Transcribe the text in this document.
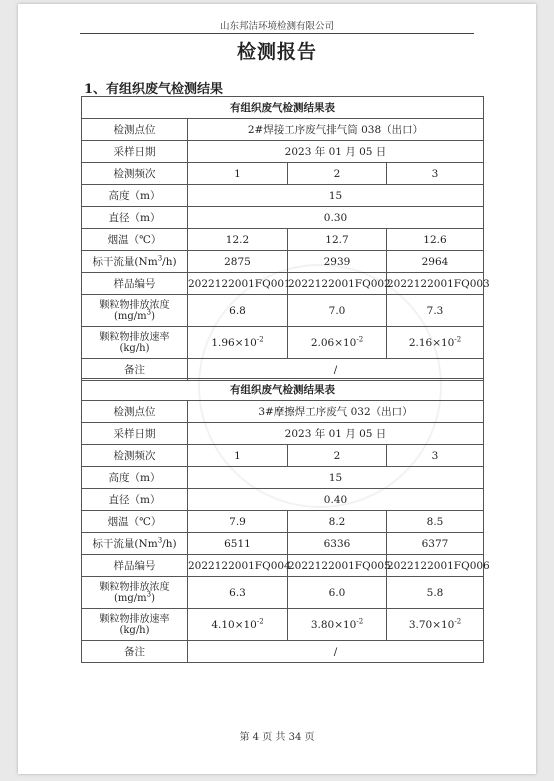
山东邦洁环境检测有限公司
检测报告
1、有组织废气检测结果
有组织废气检测结果表			
检测点位	2#焊接工序废气排气筒 038（出口）		
采样日期	2023 年 01 月 05 日		
检测频次	1	2	3
高度（m）	15		
直径（m）	0.30		
烟温（℃）	12.2	12.7	12.6
标干流量(Nm$^3$/h)	2875	2939	2964
样品编号	2022122001FQ001	2022122001FQ002	2022122001FQ003
颗粒物排放浓度
$(mg/m^3)$	6.8	7.0	7.3
颗粒物排放速率
(kg/h)	$1.96\times 10^{-2}$	$2.06\times 10^{-2}$	$2.16\times 10^{-2}$
备注	/		
有组织废气检测结果表			
检测点位	3#摩擦焊工序废气 032（出口）		
采样日期	2023 年 01 月 05 日		
检测频次	1	2	3
高度（m）	15		
直径（m）	0.40		
烟温（℃）	7.9	8.2	8.5
标干流量(Nm$^3$/h)	6511	6336	6377
样品编号	2022122001FQ004	2022122001FQ005	2022122001FQ006
颗粒物排放浓度
$(mg/m^3)$	6.3	6.0	5.8
颗粒物排放速率
(kg/h)	$4.10\times 10^{-2}$	$3.80\times 10^{-2}$	$3.70\times 10^{-2}$
备注	/		
第 4 页 共 34 页
